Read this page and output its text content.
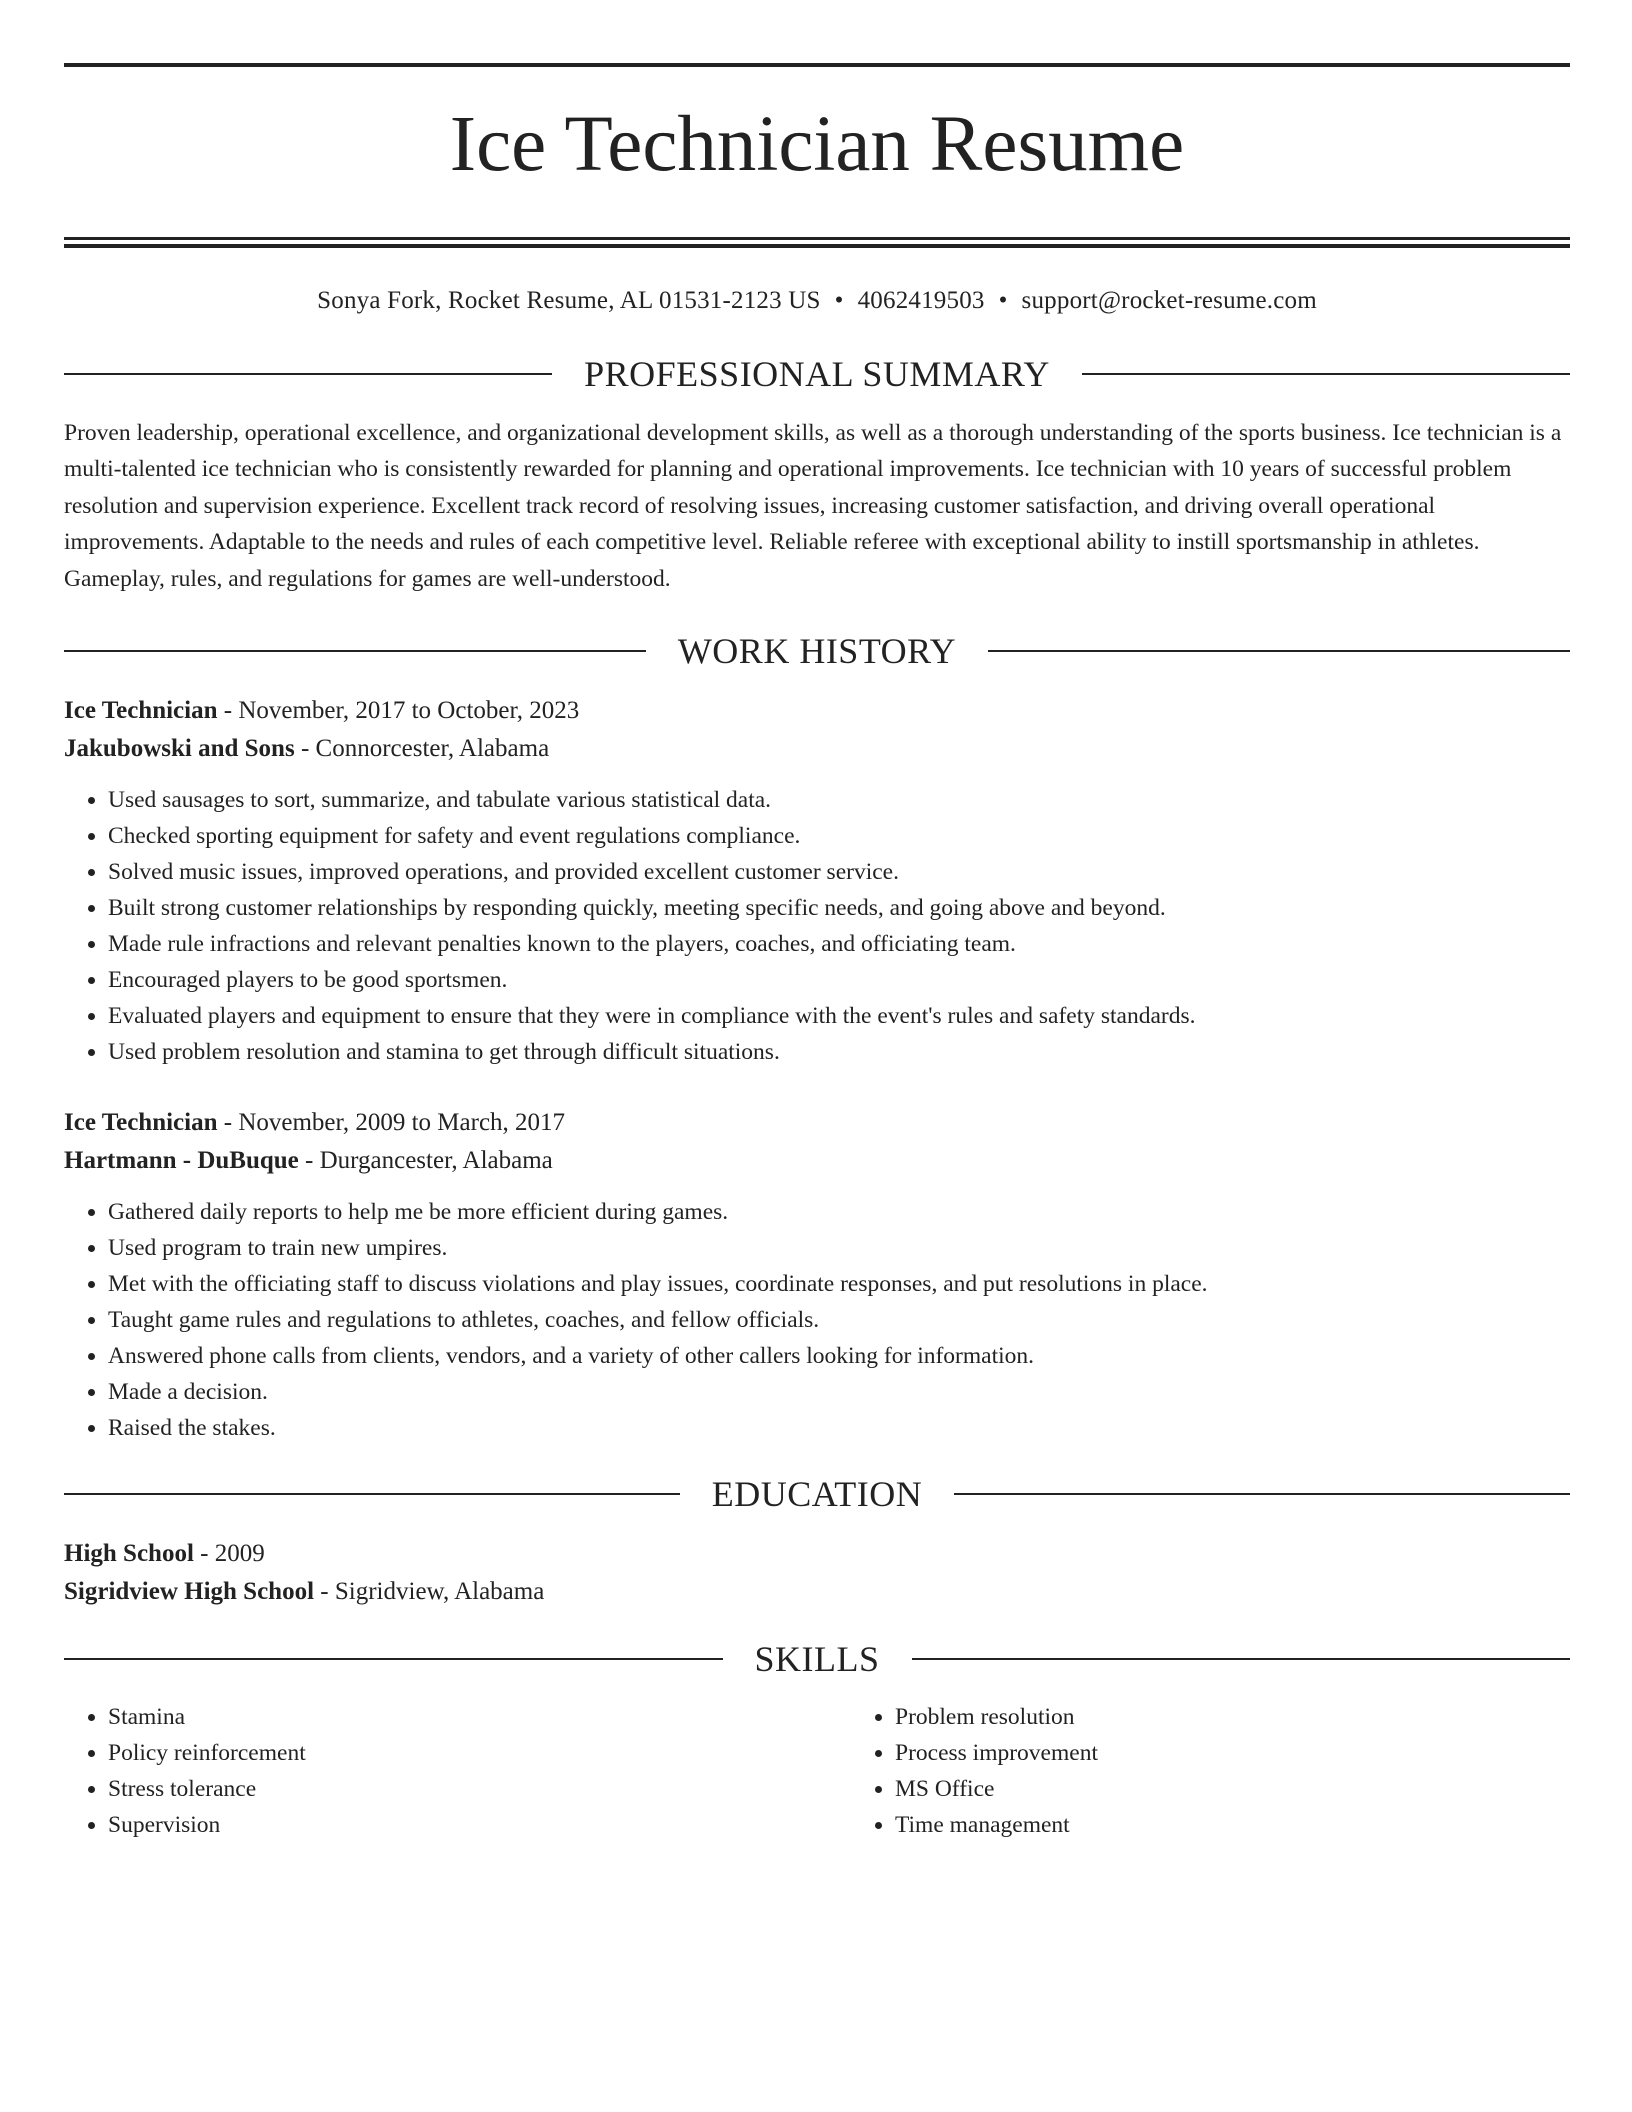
Ice Technician Resume
Sonya Fork, Rocket Resume, AL 01531-2123 US • 4062419503 • support@rocket-resume.com
PROFESSIONAL SUMMARY
Proven leadership, operational excellence, and organizational development skills, as well as a thorough understanding of the sports business. Ice technician is a multi-talented ice technician who is consistently rewarded for planning and operational improvements. Ice technician with 10 years of successful problem resolution and supervision experience. Excellent track record of resolving issues, increasing customer satisfaction, and driving overall operational improvements. Adaptable to the needs and rules of each competitive level. Reliable referee with exceptional ability to instill sportsmanship in athletes. Gameplay, rules, and regulations for games are well-understood.
WORK HISTORY
Ice Technician - November, 2017 to October, 2023
Jakubowski and Sons - Connorcester, Alabama
• Used sausages to sort, summarize, and tabulate various statistical data.
• Checked sporting equipment for safety and event regulations compliance.
• Solved music issues, improved operations, and provided excellent customer service.
• Built strong customer relationships by responding quickly, meeting specific needs, and going above and beyond.
• Made rule infractions and relevant penalties known to the players, coaches, and officiating team.
• Encouraged players to be good sportsmen.
• Evaluated players and equipment to ensure that they were in compliance with the event's rules and safety standards.
• Used problem resolution and stamina to get through difficult situations.
Ice Technician - November, 2009 to March, 2017
Hartmann - DuBuque - Durgancester, Alabama
• Gathered daily reports to help me be more efficient during games.
• Used program to train new umpires.
• Met with the officiating staff to discuss violations and play issues, coordinate responses, and put resolutions in place.
• Taught game rules and regulations to athletes, coaches, and fellow officials.
• Answered phone calls from clients, vendors, and a variety of other callers looking for information.
• Made a decision.
• Raised the stakes.
EDUCATION
High School - 2009
Sigridview High School - Sigridview, Alabama
SKILLS
• Stamina
• Policy reinforcement
• Stress tolerance
• Supervision
• Problem resolution
• Process improvement
• MS Office
• Time management
